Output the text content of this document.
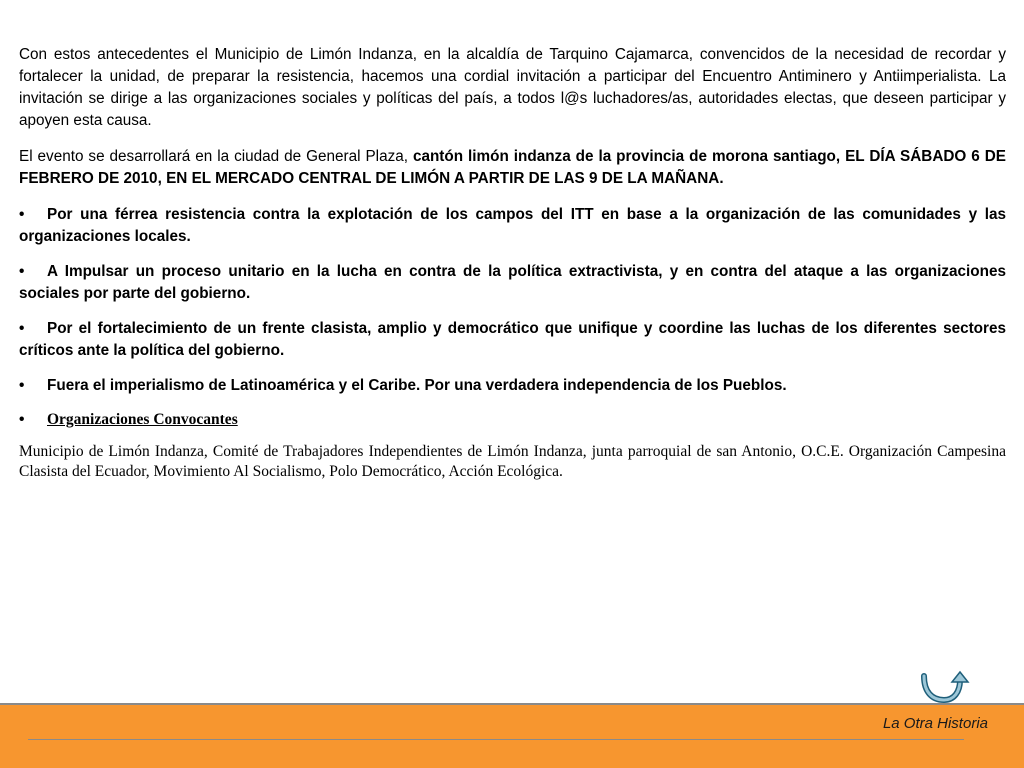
Con estos antecedentes el Municipio de Limón Indanza, en la alcaldía de Tarquino Cajamarca, convencidos de la necesidad de recordar y fortalecer la unidad, de preparar la resistencia, hacemos una cordial invitación a participar del Encuentro Antiminero y Antiimperialista. La invitación se dirige a las organizaciones sociales y políticas del país, a todos l@s luchadores/as, autoridades electas, que deseen participar y apoyen esta causa.

El evento se desarrollará en la ciudad de General Plaza, cantón limón indanza de la provincia de morona santiago, EL DÍA SÁBADO 6 DE FEBRERO DE 2010, EN EL MERCADO CENTRAL DE LIMÓN A PARTIR DE LAS 9 DE LA MAÑANA.

• Por una férrea resistencia contra la explotación de los campos del ITT en base a la organización de las comunidades y las organizaciones locales.

• A Impulsar un proceso unitario en la lucha en contra de la política extractivista, y en contra del ataque a las organizaciones sociales por parte del gobierno.

• Por el fortalecimiento de un frente clasista, amplio y democrático que unifique y coordine las luchas de los diferentes sectores críticos ante la política del gobierno.

• Fuera el imperialismo de Latinoamérica y el Caribe. Por una verdadera independencia de los Pueblos.

• Organizaciones Convocantes

Municipio de Limón Indanza, Comité de Trabajadores Independientes de Limón Indanza, junta parroquial de san Antonio, O.C.E. Organización Campesina Clasista del Ecuador, Movimiento Al Socialismo, Polo Democrático, Acción Ecológica.

La Otra Historia
